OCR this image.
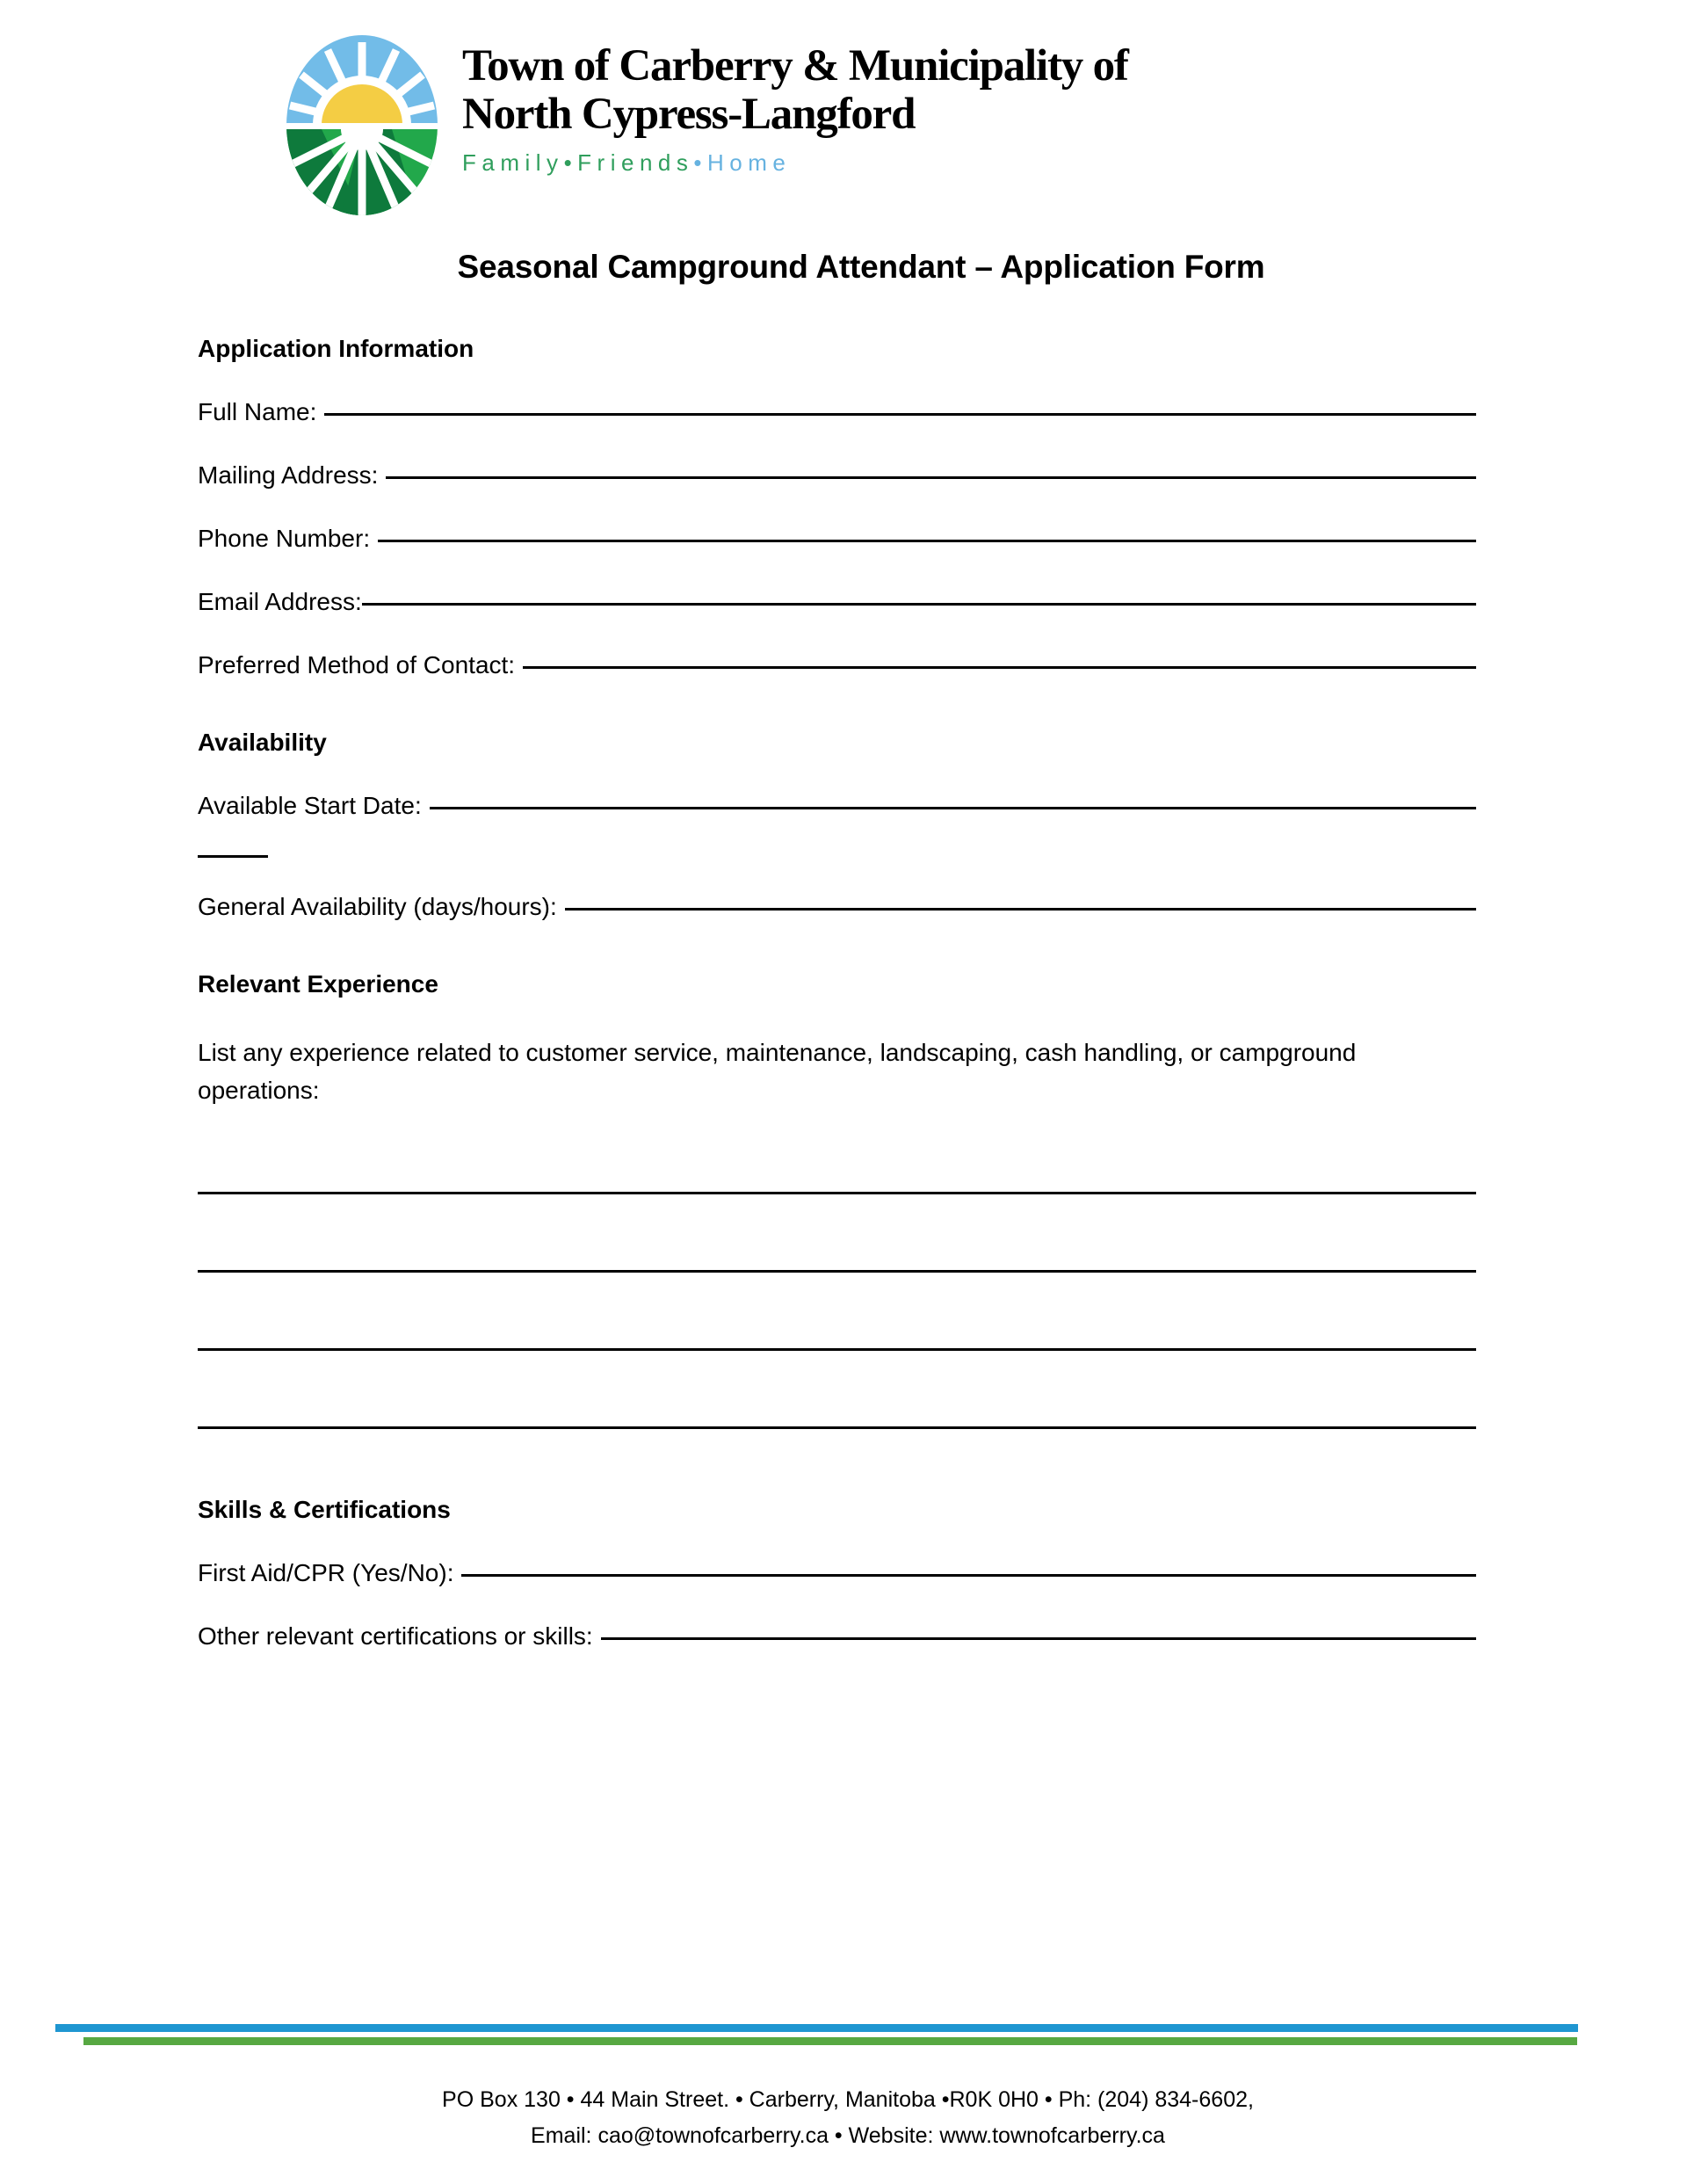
Town of Carberry & Municipality of
North Cypress-Langford
Family•Friends•Home
Seasonal Campground Attendant – Application Form
Application Information
Full Name:
Mailing Address:
Phone Number:
Email Address:
Preferred Method of Contact:
Availability
Available Start Date:
General Availability (days/hours):
Relevant Experience
List any experience related to customer service, maintenance, landscaping, cash handling, or campground operations:
Skills & Certifications
First Aid/CPR (Yes/No):
Other relevant certifications or skills:
PO Box 130 • 44 Main Street. • Carberry, Manitoba •R0K 0H0 • Ph: (204) 834-6602,
Email: cao@townofcarberry.ca • Website: www.townofcarberry.ca
